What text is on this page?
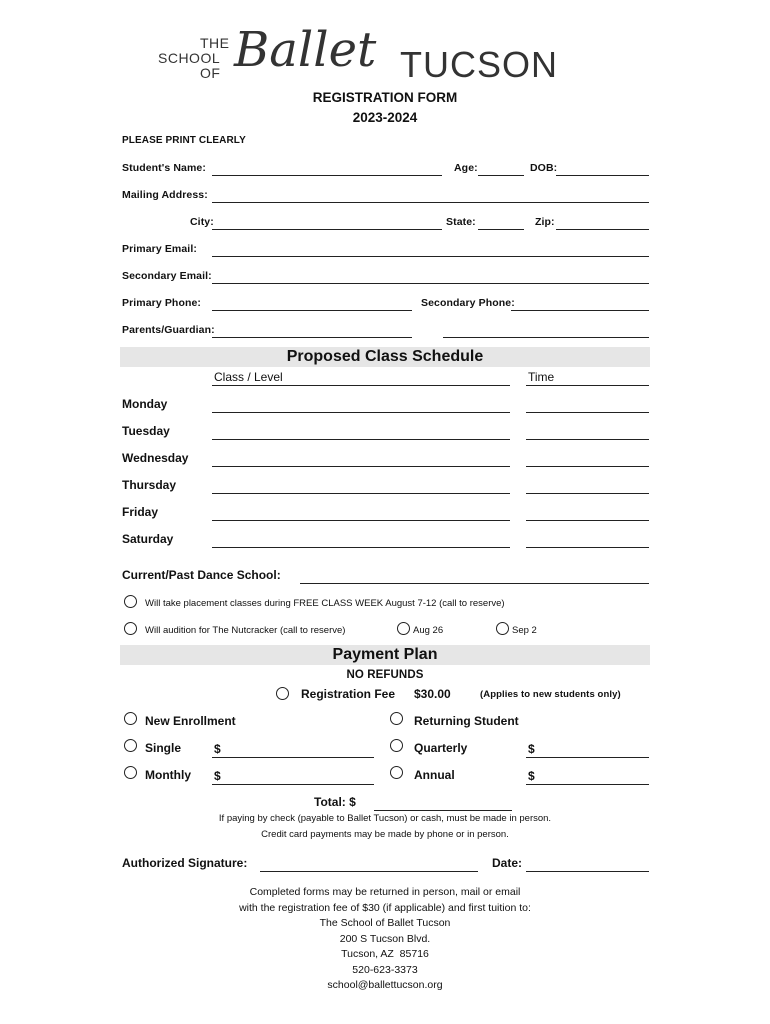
THE
SCHOOL
OF Ballet TUCSON
REGISTRATION FORM
2023-2024
PLEASE PRINT CLEARLY
Student's Name:	Age:	DOB:
Mailing Address:
City:	State:	Zip:
Primary Email:
Secondary Email:
Primary Phone:	Secondary Phone:
Parents/Guardian:
Proposed Class Schedule
Class / Level	Time
Monday
Tuesday
Wednesday
Thursday
Friday
Saturday
Current/Past Dance School:
Will take placement classes during FREE CLASS WEEK August 7-12 (call to reserve)
Will audition for The Nutcracker (call to reserve)	Aug 26	Sep 2
Payment Plan
NO REFUNDS
Registration Fee $30.00	(Applies to new students only)
New Enrollment	Returning Student
Single	$	Quarterly	$
Monthly $	Annual	$
Total: $
If paying by check (payable to Ballet Tucson) or cash, must be made in person.
Credit card payments may be made by phone or in person.
Authorized Signature:	Date:
Completed forms may be returned in person, mail or email
with the registration fee of $30 (if applicable) and first tuition to:
The School of Ballet Tucson
200 S Tucson Blvd.
Tucson, AZ  85716
520-623-3373
school@ballettucson.org
